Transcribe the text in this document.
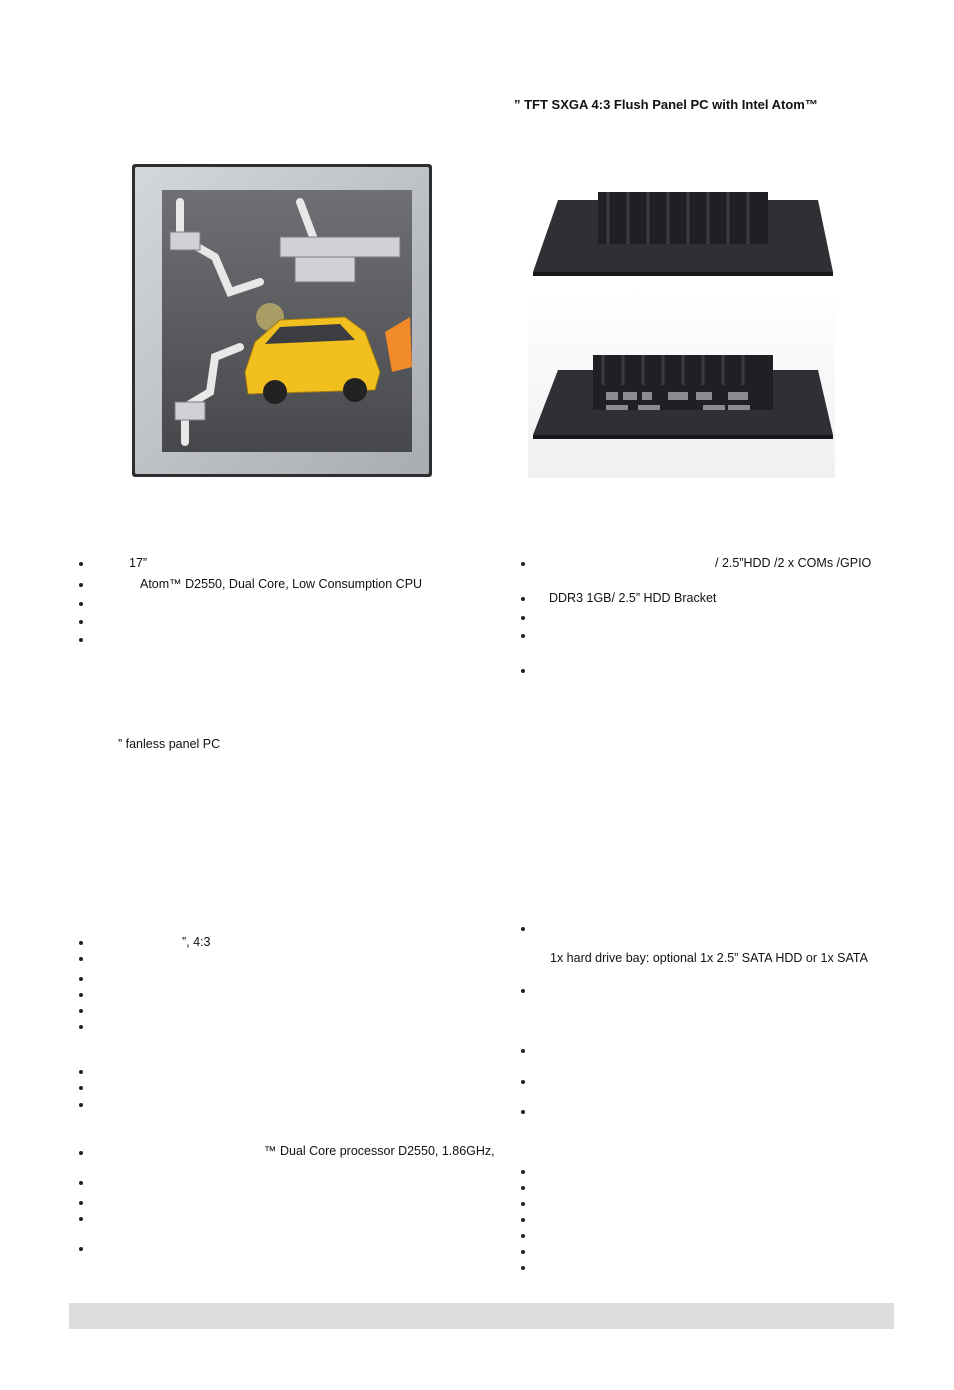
” TFT SXGA 4:3 Flush Panel PC with Intel Atom™
17”
Atom™ D2550, Dual Core, Low Consumption CPU
/ 2.5”HDD /2 x COMs /GPIO
DDR3 1GB/ 2.5” HDD Bracket
” fanless panel PC
”, 4:3
™ Dual Core processor D2550, 1.86GHz,
1x hard drive bay: optional 1x 2.5” SATA HDD or 1x SATA
